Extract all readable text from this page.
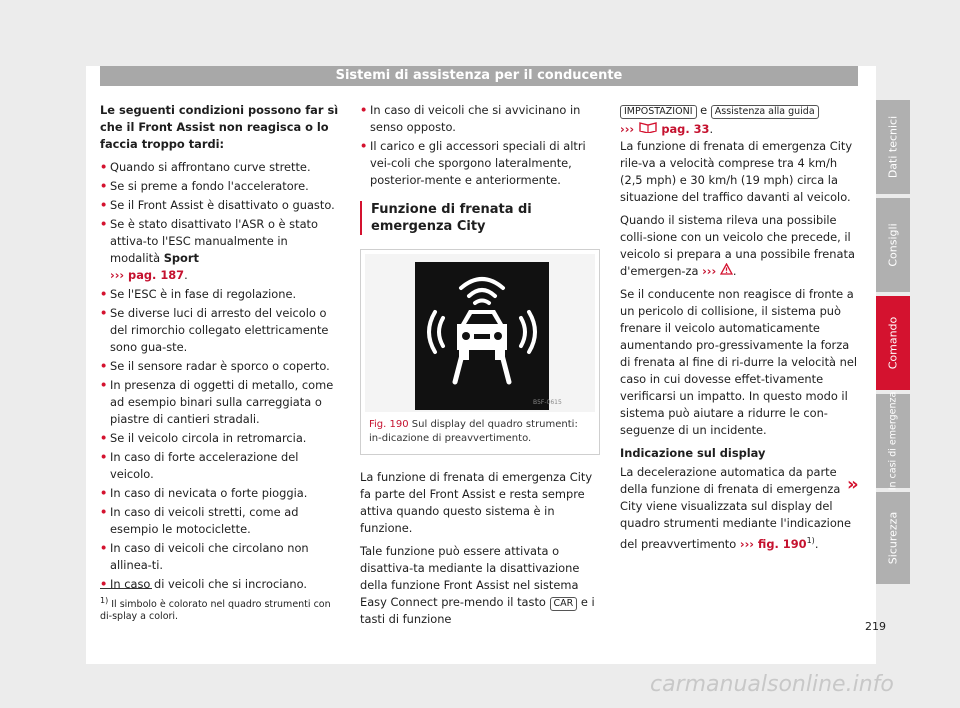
Sistemi di assistenza per il conducente

Le seguenti condizioni possono far sì che il Front Assist non reagisca o lo faccia troppo tardi:

• Quando si affrontano curve strette.
• Se si preme a fondo l'acceleratore.
• Se il Front Assist è disattivato o guasto.
• Se è stato disattivato l'ASR o è stato attiva-to l'ESC manualmente in modalità Sport
››› pag. 187.
• Se l'ESC è in fase di regolazione.
• Se diverse luci di arresto del veicolo o del rimorchio collegato elettricamente sono gua-ste.
• Se il sensore radar è sporco o coperto.
• In presenza di oggetti di metallo, come ad esempio binari sulla carreggiata o piastre di cantieri stradali.
• Se il veicolo circola in retromarcia.
• In caso di forte accelerazione del veicolo.
• In caso di nevicata o forte pioggia.
• In caso di veicoli stretti, come ad esempio le motociclette.
• In caso di veicoli che circolano non allinea-ti.
• In caso di veicoli che si incrociano.
• In caso di veicoli che si avvicinano in senso opposto.
• Il carico e gli accessori speciali di altri vei-coli che sporgono lateralmente, posterior-mente e anteriormente.
Funzione di frenata di emergenza City
B5F-0615
Fig. 190 Sul display del quadro strumenti: in-dicazione di preavvertimento.

La funzione di frenata di emergenza City fa parte del Front Assist e resta sempre attiva quando questo sistema è in funzione.

Tale funzione può essere attivata o disattiva-ta mediante la disattivazione della funzione Front Assist nel sistema Easy Connect pre-mendo il tasto CAR e i tasti di funzione

IMPOSTAZIONI e Assistenza alla guida

››› pag. 33.

La funzione di frenata di emergenza City rile-va a velocità comprese tra 4 km/h (2,5 mph) e 30 km/h (19 mph) circa la situazione del traffico davanti al veicolo.

Quando il sistema rileva una possibile colli-sione con un veicolo che precede, il veicolo si prepara a una possibile frenata d'emergen-za ››› .

Se il conducente non reagisce di fronte a un pericolo di collisione, il sistema può frenare il veicolo automaticamente aumentando pro-gressivamente la forza di frenata al fine di ri-durre la velocità nel caso in cui dovesse effet-tivamente verificarsi un impatto. In questo modo il sistema può aiutare a ridurre le con-seguenze di un incidente.

Indicazione sul display

La decelerazione automatica da parte della funzione di frenata di emergenza City viene visualizzata sul display del quadro strumenti mediante l'indicazione del preavvertimento ››› fig. 190$^{1)}$.

»
$^{1)}$ Il simbolo è colorato nel quadro strumenti con di-splay a colori.
219
Dati tecnici
Consigli
Comando
In casi di emergenza
Sicurezza
carmanualsonline.info
